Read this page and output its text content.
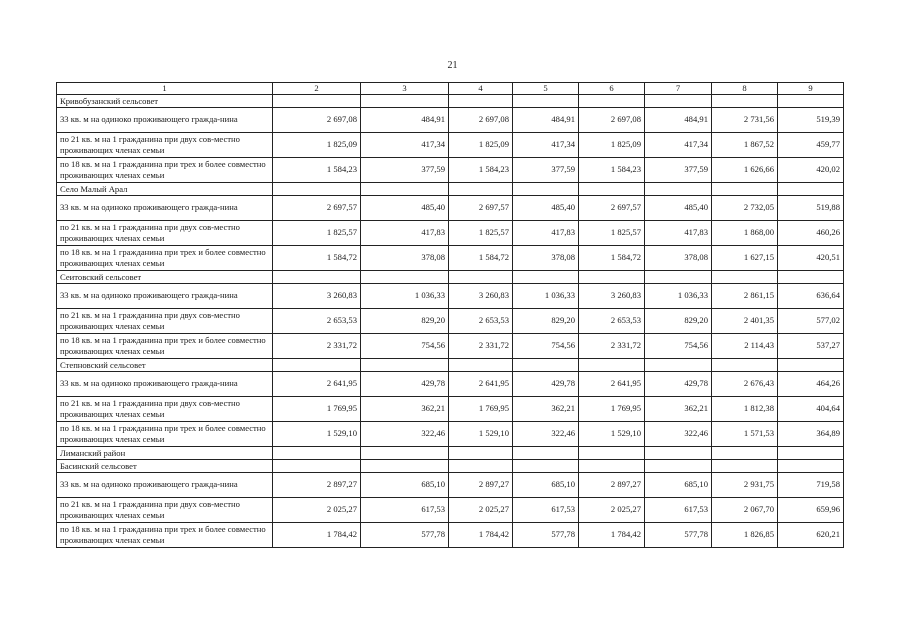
21
1	2	3	4	5	6	7	8	9
Кривобузанский сельсовет								
33 кв. м на одиноко проживающего гражда-нина	2 697,08	484,91	2 697,08	484,91	2 697,08	484,91	2 731,56	519,39
по 21 кв. м на 1 гражданина при двух сов-местно проживающих членах семьи	1 825,09	417,34	1 825,09	417,34	1 825,09	417,34	1 867,52	459,77
по 18 кв. м на 1 гражданина при трех и более совместно проживающих членах семьи	1 584,23	377,59	1 584,23	377,59	1 584,23	377,59	1 626,66	420,02
Село Малый Арал								
33 кв. м на одиноко проживающего гражда-нина	2 697,57	485,40	2 697,57	485,40	2 697,57	485,40	2 732,05	519,88
по 21 кв. м на 1 гражданина при двух сов-местно проживающих членах семьи	1 825,57	417,83	1 825,57	417,83	1 825,57	417,83	1 868,00	460,26
по 18 кв. м на 1 гражданина при трех и более совместно проживающих членах семьи	1 584,72	378,08	1 584,72	378,08	1 584,72	378,08	1 627,15	420,51
Сеитовский сельсовет								
33 кв. м на одиноко проживающего гражда-нина	3 260,83	1 036,33	3 260,83	1 036,33	3 260,83	1 036,33	2 861,15	636,64
по 21 кв. м на 1 гражданина при двух сов-местно проживающих членах семьи	2 653,53	829,20	2 653,53	829,20	2 653,53	829,20	2 401,35	577,02
по 18 кв. м на 1 гражданина при трех и более совместно проживающих членах семьи	2 331,72	754,56	2 331,72	754,56	2 331,72	754,56	2 114,43	537,27
Степновский сельсовет								
33 кв. м на одиноко проживающего гражда-нина	2 641,95	429,78	2 641,95	429,78	2 641,95	429,78	2 676,43	464,26
по 21 кв. м на 1 гражданина при двух сов-местно проживающих членах семьи	1 769,95	362,21	1 769,95	362,21	1 769,95	362,21	1 812,38	404,64
по 18 кв. м на 1 гражданина при трех и более совместно проживающих членах семьи	1 529,10	322,46	1 529,10	322,46	1 529,10	322,46	1 571,53	364,89
Лиманский район								
Басинский сельсовет								
33 кв. м на одиноко проживающего гражда-нина	2 897,27	685,10	2 897,27	685,10	2 897,27	685,10	2 931,75	719,58
по 21 кв. м на 1 гражданина при двух сов-местно проживающих членах семьи	2 025,27	617,53	2 025,27	617,53	2 025,27	617,53	2 067,70	659,96
по 18 кв. м на 1 гражданина при трех и более совместно проживающих членах семьи	1 784,42	577,78	1 784,42	577,78	1 784,42	577,78	1 826,85	620,21
